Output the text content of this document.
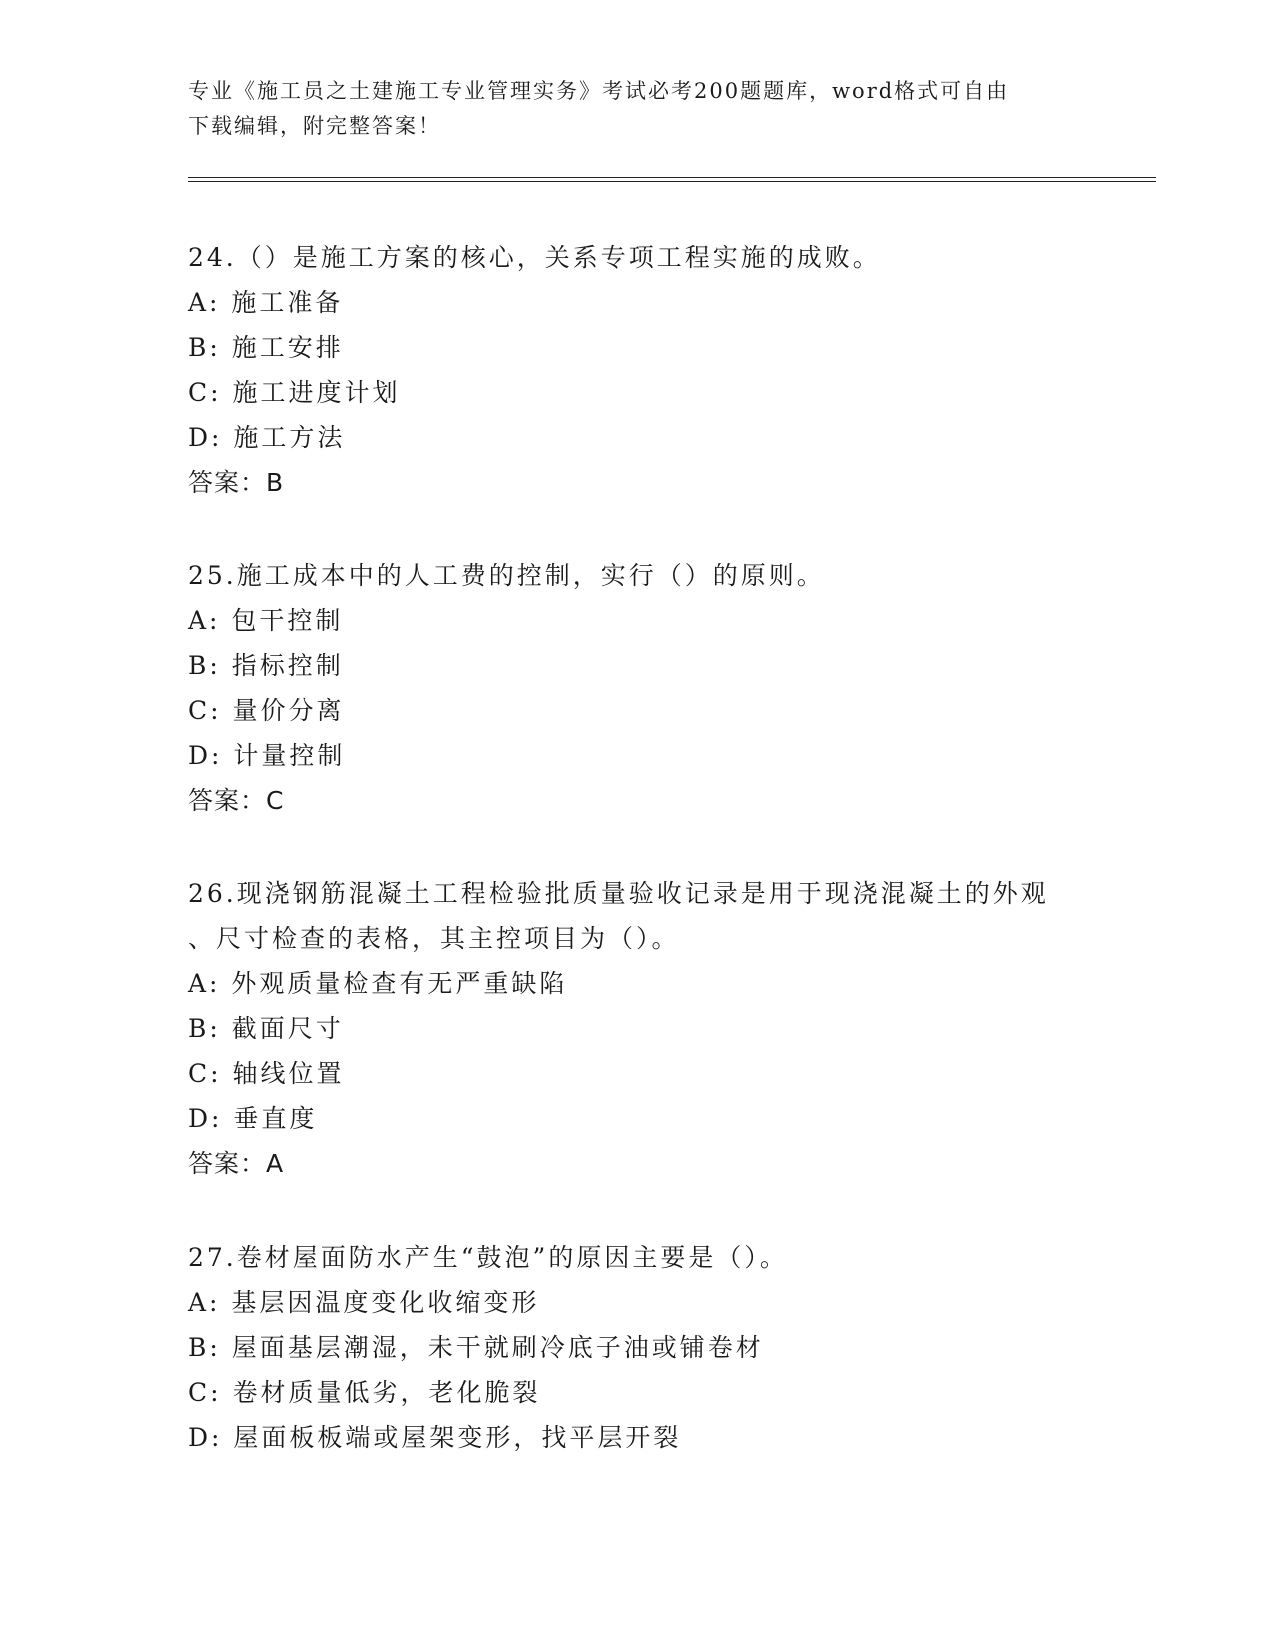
专业《施工员之土建施工专业管理实务》考试必考200题题库，word格式可自由
下载编辑，附完整答案！

24.（）是施工方案的核心，关系专项工程实施的成败。

A: 施工准备
B: 施工安排
C: 施工进度计划
D: 施工方法

答案：B

25.施工成本中的人工费的控制，实行（）的原则。

A: 包干控制
B: 指标控制
C: 量价分离
D: 计量控制

答案：C

26.现浇钢筋混凝土工程检验批质量验收记录是用于现浇混凝土的外观

、尺寸检查的表格，其主控项目为（）。

A: 外观质量检查有无严重缺陷
B: 截面尺寸
C: 轴线位置
D: 垂直度

答案：A

27.卷材屋面防水产生“鼓泡”的原因主要是（）。

A: 基层因温度变化收缩变形
B: 屋面基层潮湿，未干就刷冷底子油或铺卷材
C: 卷材质量低劣，老化脆裂
D: 屋面板板端或屋架变形，找平层开裂
